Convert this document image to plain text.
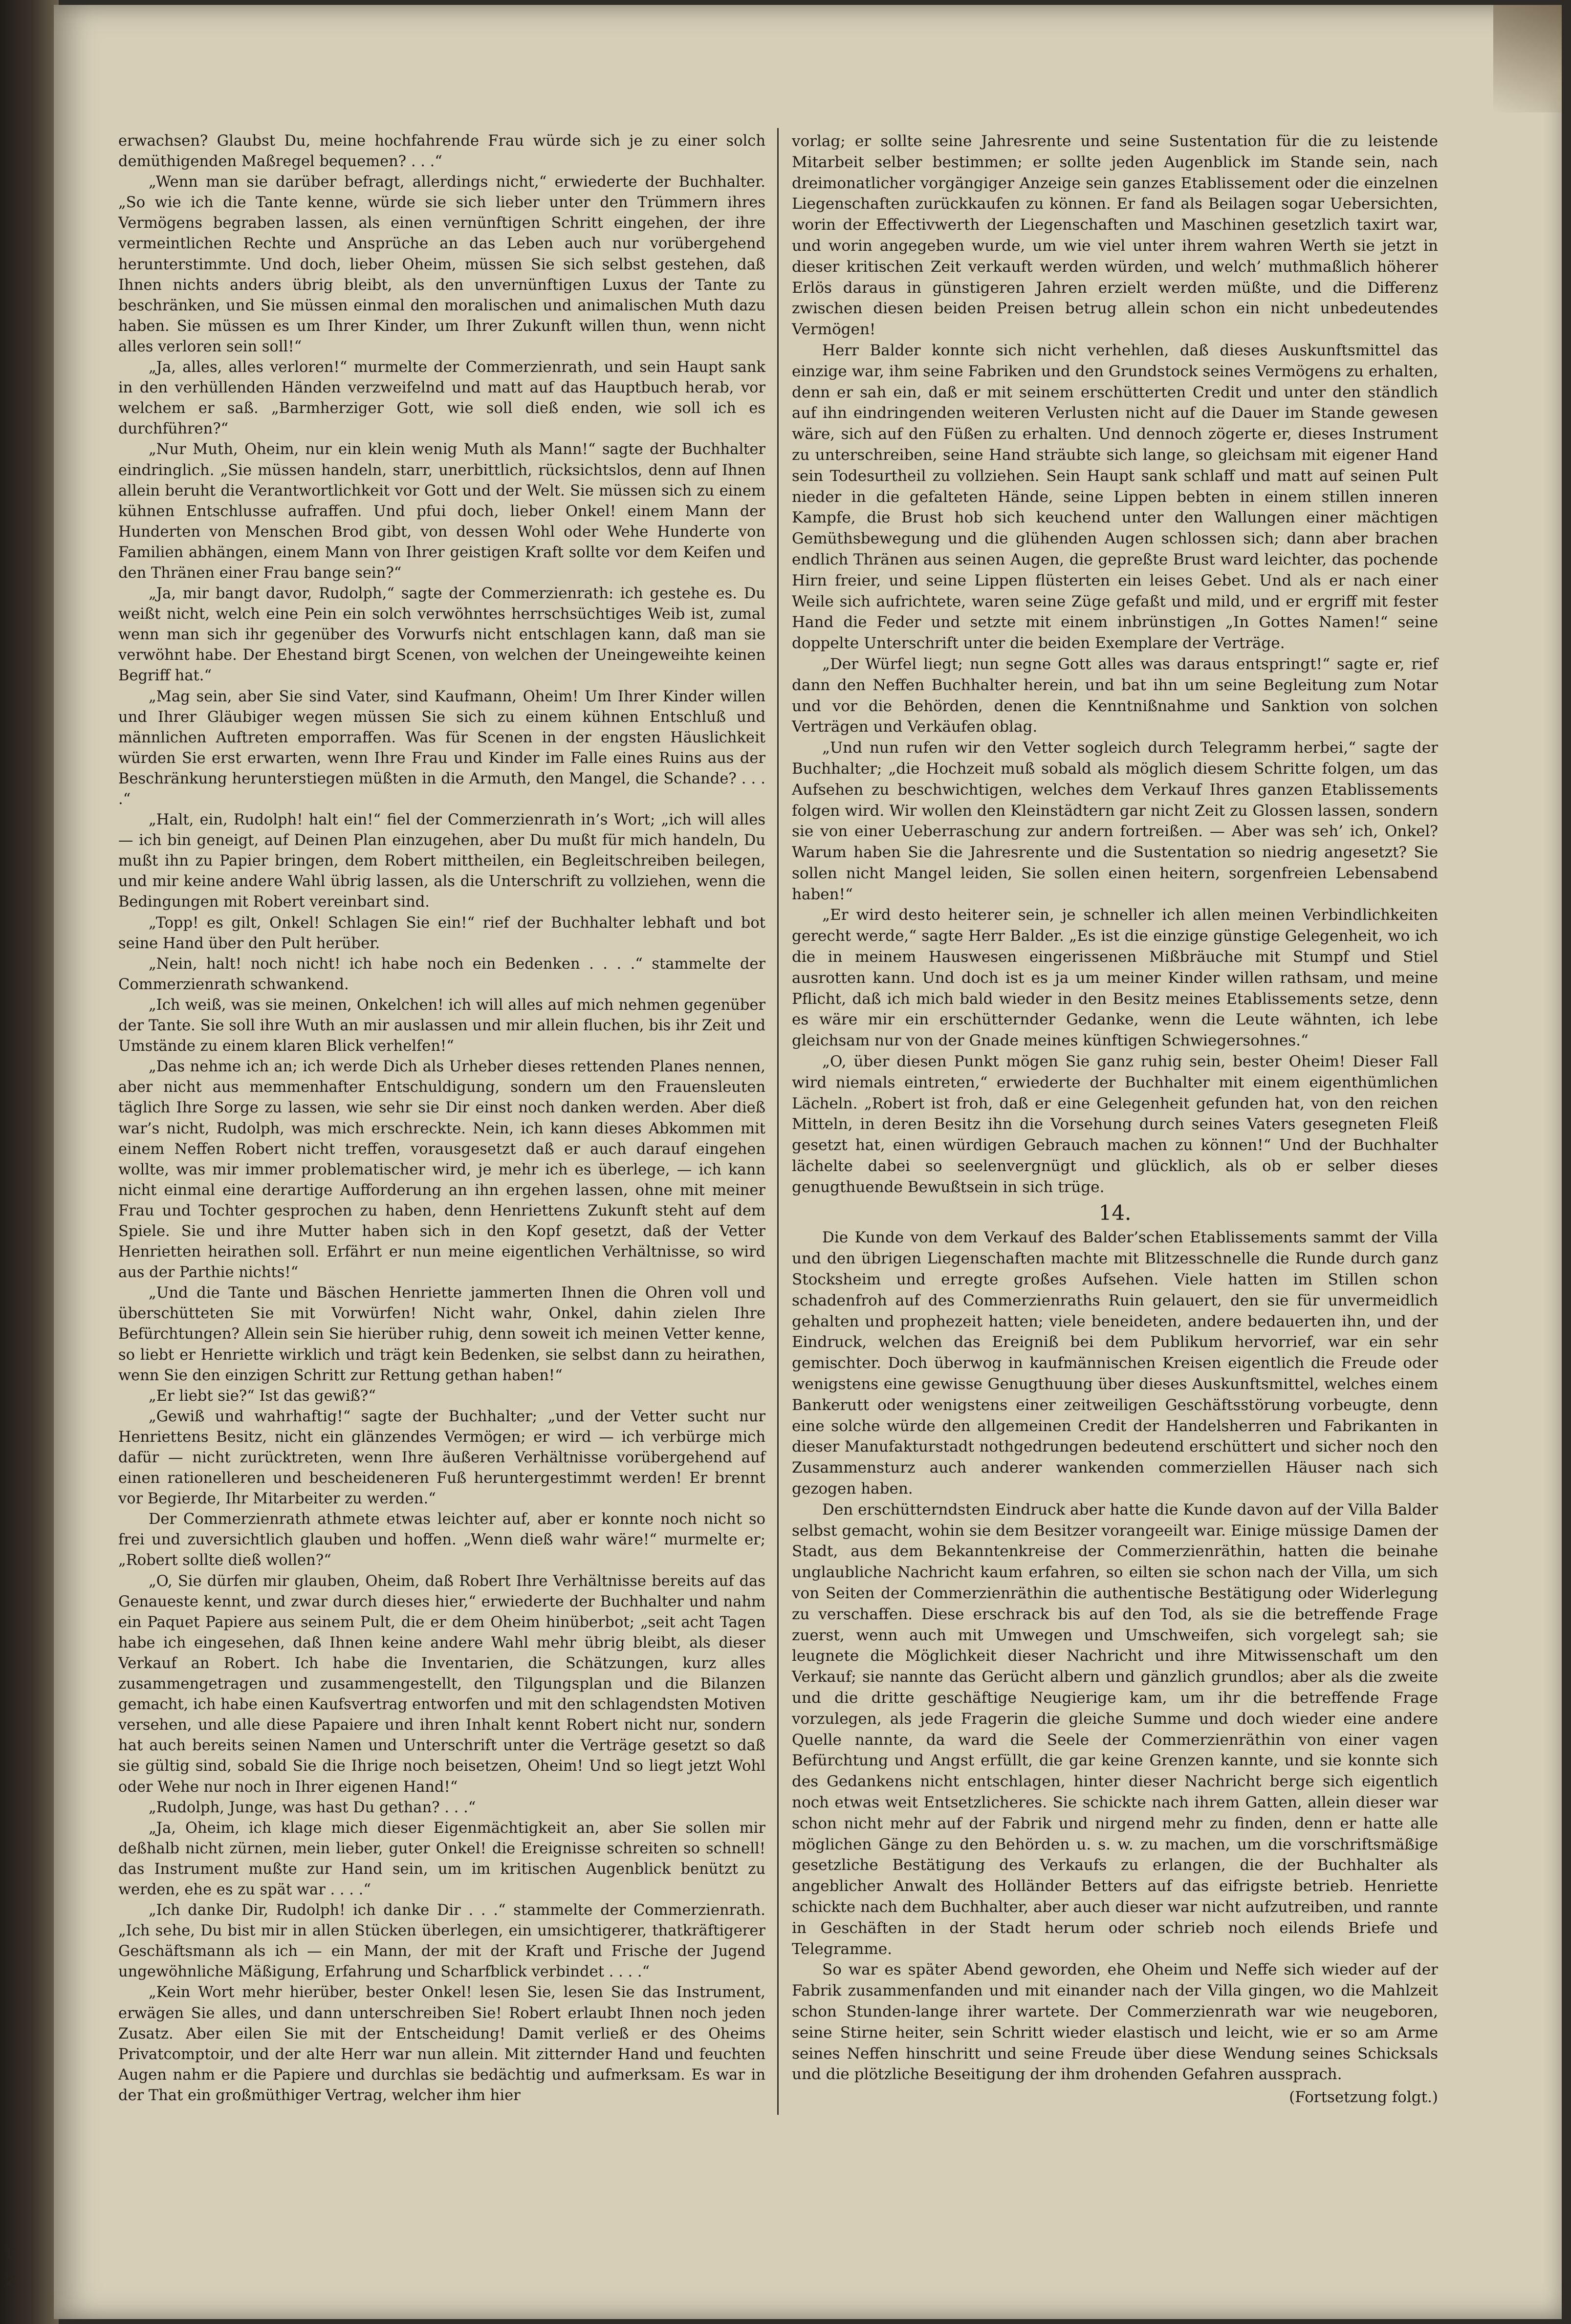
r
z

erwachsen? Glaubst Du, meine hochfahrende Frau würde sich je zu einer solch demüthigenden Maßregel bequemen? . . .“

„Wenn man sie darüber befragt, allerdings nicht,“ erwiederte der Buchhalter. „So wie ich die Tante kenne, würde sie sich lieber unter den Trümmern ihres Vermögens begraben lassen, als einen vernünftigen Schritt eingehen, der ihre vermeintlichen Rechte und Ansprüche an das Leben auch nur vorübergehend herunterstimmte. Und doch, lieber Oheim, müssen Sie sich selbst gestehen, daß Ihnen nichts anders übrig bleibt, als den unvernünftigen Luxus der Tante zu beschränken, und Sie müssen einmal den moralischen und animalischen Muth dazu haben. Sie müssen es um Ihrer Kinder, um Ihrer Zukunft willen thun, wenn nicht alles verloren sein soll!“

„Ja, alles, alles verloren!“ murmelte der Commerzienrath, und sein Haupt sank in den verhüllenden Händen verzweifelnd und matt auf das Hauptbuch herab, vor welchem er saß. „Barmherziger Gott, wie soll dieß enden, wie soll ich es durchführen?“

„Nur Muth, Oheim, nur ein klein wenig Muth als Mann!“ sagte der Buchhalter eindringlich. „Sie müssen handeln, starr, unerbittlich, rücksichtslos, denn auf Ihnen allein beruht die Verantwortlichkeit vor Gott und der Welt. Sie müssen sich zu einem kühnen Entschlusse aufraffen. Und pfui doch, lieber Onkel! einem Mann der Hunderten von Menschen Brod gibt, von dessen Wohl oder Wehe Hunderte von Familien abhängen, einem Mann von Ihrer geistigen Kraft sollte vor dem Keifen und den Thränen einer Frau bange sein?“

„Ja, mir bangt davor, Rudolph,“ sagte der Commerzienrath: ich gestehe es. Du weißt nicht, welch eine Pein ein solch verwöhntes herrschsüchtiges Weib ist, zumal wenn man sich ihr gegenüber des Vorwurfs nicht entschlagen kann, daß man sie verwöhnt habe. Der Ehestand birgt Scenen, von welchen der Uneingeweihte keinen Begriff hat.“

„Mag sein, aber Sie sind Vater, sind Kaufmann, Oheim! Um Ihrer Kinder willen und Ihrer Gläubiger wegen müssen Sie sich zu einem kühnen Entschluß und männlichen Auftreten emporraffen. Was für Scenen in der engsten Häuslichkeit würden Sie erst erwarten, wenn Ihre Frau und Kinder im Falle eines Ruins aus der Beschränkung herunterstiegen müßten in die Armuth, den Mangel, die Schande? . . . .“

„Halt, ein, Rudolph! halt ein!“ fiel der Commerzienrath in’s Wort; „ich will alles — ich bin geneigt, auf Deinen Plan einzugehen, aber Du mußt für mich handeln, Du mußt ihn zu Papier bringen, dem Robert mittheilen, ein Begleitschreiben beilegen, und mir keine andere Wahl übrig lassen, als die Unterschrift zu vollziehen, wenn die Bedingungen mit Robert vereinbart sind.

„Topp! es gilt, Onkel! Schlagen Sie ein!“ rief der Buchhalter lebhaft und bot seine Hand über den Pult herüber.

„Nein, halt! noch nicht! ich habe noch ein Bedenken . . . .“ stammelte der Commerzienrath schwankend.

„Ich weiß, was sie meinen, Onkelchen! ich will alles auf mich nehmen gegenüber der Tante. Sie soll ihre Wuth an mir auslassen und mir allein fluchen, bis ihr Zeit und Umstände zu einem klaren Blick verhelfen!“

„Das nehme ich an; ich werde Dich als Urheber dieses rettenden Planes nennen, aber nicht aus memmenhafter Entschuldigung, sondern um den Frauensleuten täglich Ihre Sorge zu lassen, wie sehr sie Dir einst noch danken werden. Aber dieß war’s nicht, Rudolph, was mich erschreckte. Nein, ich kann dieses Abkommen mit einem Neffen Robert nicht treffen, vorausgesetzt daß er auch darauf eingehen wollte, was mir immer problematischer wird, je mehr ich es überlege, — ich kann nicht einmal eine derartige Aufforderung an ihn ergehen lassen, ohne mit meiner Frau und Tochter gesprochen zu haben, denn Henriettens Zukunft steht auf dem Spiele. Sie und ihre Mutter haben sich in den Kopf gesetzt, daß der Vetter Henrietten heirathen soll. Erfährt er nun meine eigentlichen Verhältnisse, so wird aus der Parthie nichts!“

„Und die Tante und Bäschen Henriette jammerten Ihnen die Ohren voll und überschütteten Sie mit Vorwürfen! Nicht wahr, Onkel, dahin zielen Ihre Befürchtungen? Allein sein Sie hierüber ruhig, denn soweit ich meinen Vetter kenne, so liebt er Henriette wirklich und trägt kein Bedenken, sie selbst dann zu heirathen, wenn Sie den einzigen Schritt zur Rettung gethan haben!“

„Er liebt sie?“ Ist das gewiß?“

„Gewiß und wahrhaftig!“ sagte der Buchhalter; „und der Vetter sucht nur Henriettens Besitz, nicht ein glänzendes Vermögen; er wird — ich verbürge mich dafür — nicht zurücktreten, wenn Ihre äußeren Verhältnisse vorübergehend auf einen rationelleren und bescheideneren Fuß heruntergestimmt werden! Er brennt vor Begierde, Ihr Mitarbeiter zu werden.“

Der Commerzienrath athmete etwas leichter auf, aber er konnte noch nicht so frei und zuversichtlich glauben und hoffen. „Wenn dieß wahr wäre!“ murmelte er; „Robert sollte dieß wollen?“

„O, Sie dürfen mir glauben, Oheim, daß Robert Ihre Verhältnisse bereits auf das Genaueste kennt, und zwar durch dieses hier,“ erwiederte der Buchhalter und nahm ein Paquet Papiere aus seinem Pult, die er dem Oheim hinüberbot; „seit acht Tagen habe ich eingesehen, daß Ihnen keine andere Wahl mehr übrig bleibt, als dieser Verkauf an Robert. Ich habe die Inventarien, die Schätzungen, kurz alles zusammengetragen und zusammengestellt, den Tilgungsplan und die Bilanzen gemacht, ich habe einen Kaufsvertrag entworfen und mit den schlagendsten Motiven versehen, und alle diese Papaiere und ihren Inhalt kennt Robert nicht nur, sondern hat auch bereits seinen Namen und Unterschrift unter die Verträge gesetzt so daß sie gültig sind, sobald Sie die Ihrige noch beisetzen, Oheim! Und so liegt jetzt Wohl oder Wehe nur noch in Ihrer eigenen Hand!“

„Rudolph, Junge, was hast Du gethan? . . .“

„Ja, Oheim, ich klage mich dieser Eigenmächtigkeit an, aber Sie sollen mir deßhalb nicht zürnen, mein lieber, guter Onkel! die Ereignisse schreiten so schnell! das Instrument mußte zur Hand sein, um im kritischen Augenblick benützt zu werden, ehe es zu spät war . . . .“

„Ich danke Dir, Rudolph! ich danke Dir . . .“ stammelte der Commerzienrath. „Ich sehe, Du bist mir in allen Stücken überlegen, ein umsichtigerer, thatkräftigerer Geschäftsmann als ich — ein Mann, der mit der Kraft und Frische der Jugend ungewöhnliche Mäßigung, Erfahrung und Scharfblick verbindet . . . .“

„Kein Wort mehr hierüber, bester Onkel! lesen Sie, lesen Sie das Instrument, erwägen Sie alles, und dann unterschreiben Sie! Robert erlaubt Ihnen noch jeden Zusatz. Aber eilen Sie mit der Entscheidung! Damit verließ er des Oheims Privatcomptoir, und der alte Herr war nun allein. Mit zitternder Hand und feuchten Augen nahm er die Papiere und durchlas sie bedächtig und aufmerksam. Es war in der That ein großmüthiger Vertrag, welcher ihm hier

vorlag; er sollte seine Jahresrente und seine Sustentation für die zu leistende Mitarbeit selber bestimmen; er sollte jeden Augenblick im Stande sein, nach dreimonatlicher vorgängiger Anzeige sein ganzes Etablissement oder die einzelnen Liegenschaften zurückkaufen zu können. Er fand als Beilagen sogar Uebersichten, worin der Effectivwerth der Liegenschaften und Maschinen gesetzlich taxirt war, und worin angegeben wurde, um wie viel unter ihrem wahren Werth sie jetzt in dieser kritischen Zeit verkauft werden würden, und welch’ muthmaßlich höherer Erlös daraus in günstigeren Jahren erzielt werden müßte, und die Differenz zwischen diesen beiden Preisen betrug allein schon ein nicht unbedeutendes Vermögen!

Herr Balder konnte sich nicht verhehlen, daß dieses Auskunftsmittel das einzige war, ihm seine Fabriken und den Grundstock seines Vermögens zu erhalten, denn er sah ein, daß er mit seinem erschütterten Credit und unter den ständlich auf ihn eindringenden weiteren Verlusten nicht auf die Dauer im Stande gewesen wäre, sich auf den Füßen zu erhalten. Und dennoch zögerte er, dieses Instrument zu unterschreiben, seine Hand sträubte sich lange, so gleichsam mit eigener Hand sein Todesurtheil zu vollziehen. Sein Haupt sank schlaff und matt auf seinen Pult nieder in die gefalteten Hände, seine Lippen bebten in einem stillen inneren Kampfe, die Brust hob sich keuchend unter den Wallungen einer mächtigen Gemüthsbewegung und die glühenden Augen schlossen sich; dann aber brachen endlich Thränen aus seinen Augen, die gepreßte Brust ward leichter, das pochende Hirn freier, und seine Lippen flüsterten ein leises Gebet. Und als er nach einer Weile sich aufrichtete, waren seine Züge gefaßt und mild, und er ergriff mit fester Hand die Feder und setzte mit einem inbrünstigen „In Gottes Namen!“ seine doppelte Unterschrift unter die beiden Exemplare der Verträge.

„Der Würfel liegt; nun segne Gott alles was daraus entspringt!“ sagte er, rief dann den Neffen Buchhalter herein, und bat ihn um seine Begleitung zum Notar und vor die Behörden, denen die Kenntnißnahme und Sanktion von solchen Verträgen und Verkäufen oblag.

„Und nun rufen wir den Vetter sogleich durch Telegramm herbei,“ sagte der Buchhalter; „die Hochzeit muß sobald als möglich diesem Schritte folgen, um das Aufsehen zu beschwichtigen, welches dem Verkauf Ihres ganzen Etablissements folgen wird. Wir wollen den Kleinstädtern gar nicht Zeit zu Glossen lassen, sondern sie von einer Ueberraschung zur andern fortreißen. — Aber was seh’ ich, Onkel? Warum haben Sie die Jahresrente und die Sustentation so niedrig angesetzt? Sie sollen nicht Mangel leiden, Sie sollen einen heitern, sorgenfreien Lebensabend haben!“

„Er wird desto heiterer sein, je schneller ich allen meinen Verbindlichkeiten gerecht werde,“ sagte Herr Balder. „Es ist die einzige günstige Gelegenheit, wo ich die in meinem Hauswesen eingerissenen Mißbräuche mit Stumpf und Stiel ausrotten kann. Und doch ist es ja um meiner Kinder willen rathsam, und meine Pflicht, daß ich mich bald wieder in den Besitz meines Etablissements setze, denn es wäre mir ein erschütternder Gedanke, wenn die Leute wähnten, ich lebe gleichsam nur von der Gnade meines künftigen Schwiegersohnes.“

„O, über diesen Punkt mögen Sie ganz ruhig sein, bester Oheim! Dieser Fall wird niemals eintreten,“ erwiederte der Buchhalter mit einem eigenthümlichen Lächeln. „Robert ist froh, daß er eine Gelegenheit gefunden hat, von den reichen Mitteln, in deren Besitz ihn die Vorsehung durch seines Vaters gesegneten Fleiß gesetzt hat, einen würdigen Gebrauch machen zu können!“ Und der Buchhalter lächelte dabei so seelenvergnügt und glücklich, als ob er selber dieses genugthuende Bewußtsein in sich trüge.

14.

Die Kunde von dem Verkauf des Balder’schen Etablissements sammt der Villa und den übrigen Liegenschaften machte mit Blitzesschnelle die Runde durch ganz Stocksheim und erregte großes Aufsehen. Viele hatten im Stillen schon schadenfroh auf des Commerzienraths Ruin gelauert, den sie für unvermeidlich gehalten und prophezeit hatten; viele beneideten, andere bedauerten ihn, und der Eindruck, welchen das Ereigniß bei dem Publikum hervorrief, war ein sehr gemischter. Doch überwog in kaufmännischen Kreisen eigentlich die Freude oder wenigstens eine gewisse Genugthuung über dieses Auskunftsmittel, welches einem Bankerutt oder wenigstens einer zeitweiligen Geschäftsstörung vorbeugte, denn eine solche würde den allgemeinen Credit der Handelsherren und Fabrikanten in dieser Manufakturstadt nothgedrungen bedeutend erschüttert und sicher noch den Zusammensturz auch anderer wankenden commerziellen Häuser nach sich gezogen haben.

Den erschütterndsten Eindruck aber hatte die Kunde davon auf der Villa Balder selbst gemacht, wohin sie dem Besitzer vorangeeilt war. Einige müssige Damen der Stadt, aus dem Bekanntenkreise der Commerzienräthin, hatten die beinahe unglaubliche Nachricht kaum erfahren, so eilten sie schon nach der Villa, um sich von Seiten der Commerzienräthin die authentische Bestätigung oder Widerlegung zu verschaffen. Diese erschrack bis auf den Tod, als sie die betreffende Frage zuerst, wenn auch mit Umwegen und Umschweifen, sich vorgelegt sah; sie leugnete die Möglichkeit dieser Nachricht und ihre Mitwissenschaft um den Verkauf; sie nannte das Gerücht albern und gänzlich grundlos; aber als die zweite und die dritte geschäftige Neugierige kam, um ihr die betreffende Frage vorzulegen, als jede Fragerin die gleiche Summe und doch wieder eine andere Quelle nannte, da ward die Seele der Commerzienräthin von einer vagen Befürchtung und Angst erfüllt, die gar keine Grenzen kannte, und sie konnte sich des Gedankens nicht entschlagen, hinter dieser Nachricht berge sich eigentlich noch etwas weit Entsetzlicheres. Sie schickte nach ihrem Gatten, allein dieser war schon nicht mehr auf der Fabrik und nirgend mehr zu finden, denn er hatte alle möglichen Gänge zu den Behörden u. s. w. zu machen, um die vorschriftsmäßige gesetzliche Bestätigung des Verkaufs zu erlangen, die der Buchhalter als angeblicher Anwalt des Holländer Betters auf das eifrigste betrieb. Henriette schickte nach dem Buchhalter, aber auch dieser war nicht aufzutreiben, und rannte in Geschäften in der Stadt herum oder schrieb noch eilends Briefe und Telegramme.

So war es später Abend geworden, ehe Oheim und Neffe sich wieder auf der Fabrik zusammenfanden und mit einander nach der Villa gingen, wo die Mahlzeit schon Stunden-lange ihrer wartete. Der Commerzienrath war wie neugeboren, seine Stirne heiter, sein Schritt wieder elastisch und leicht, wie er so am Arme seines Neffen hinschritt und seine Freude über diese Wendung seines Schicksals und die plötzliche Beseitigung der ihm drohenden Gefahren aussprach.

(Fortsetzung folgt.)
